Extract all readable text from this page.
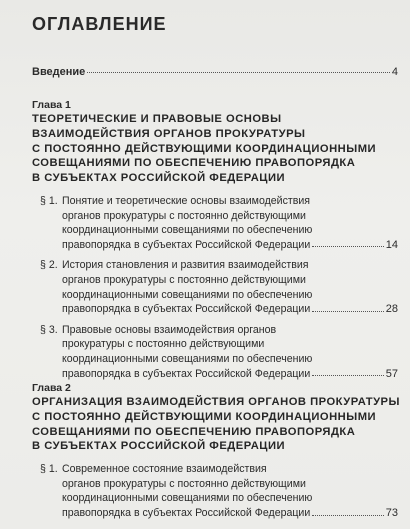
ОГЛАВЛЕНИЕ
Введение	4
Глава 1
ТЕОРЕТИЧЕСКИЕ И ПРАВОВЫЕ ОСНОВЫ
ВЗАИМОДЕЙСТВИЯ ОРГАНОВ ПРОКУРАТУРЫ
С ПОСТОЯННО ДЕЙСТВУЮЩИМИ КООРДИНАЦИОННЫМИ
СОВЕЩАНИЯМИ ПО ОБЕСПЕЧЕНИЮ ПРАВОПОРЯДКА
В СУБЪЕКТАХ РОССИЙСКОЙ ФЕДЕРАЦИИ
§ 1. Понятие и теоретические основы взаимодействия
органов прокуратуры с постоянно действующими
координационными совещаниями по обеспечению
правопорядка в субъектах Российской Федерации	14
§ 2. История становления и развития взаимодействия
органов прокуратуры с постоянно действующими
координационными совещаниями по обеспечению
правопорядка в субъектах Российской Федерации	28
§ 3. Правовые основы взаимодействия органов
прокуратуры с постоянно действующими
координационными совещаниями по обеспечению
правопорядка в субъектах Российской Федерации	57
Глава 2
ОРГАНИЗАЦИЯ ВЗАИМОДЕЙСТВИЯ ОРГАНОВ ПРОКУРАТУРЫ
С ПОСТОЯННО ДЕЙСТВУЮЩИМИ КООРДИНАЦИОННЫМИ
СОВЕЩАНИЯМИ ПО ОБЕСПЕЧЕНИЮ ПРАВОПОРЯДКА
В СУБЪЕКТАХ РОССИЙСКОЙ ФЕДЕРАЦИИ
§ 1. Современное состояние взаимодействия
органов прокуратуры с постоянно действующими
координационными совещаниями по обеспечению
правопорядка в субъектах Российской Федерации	73
